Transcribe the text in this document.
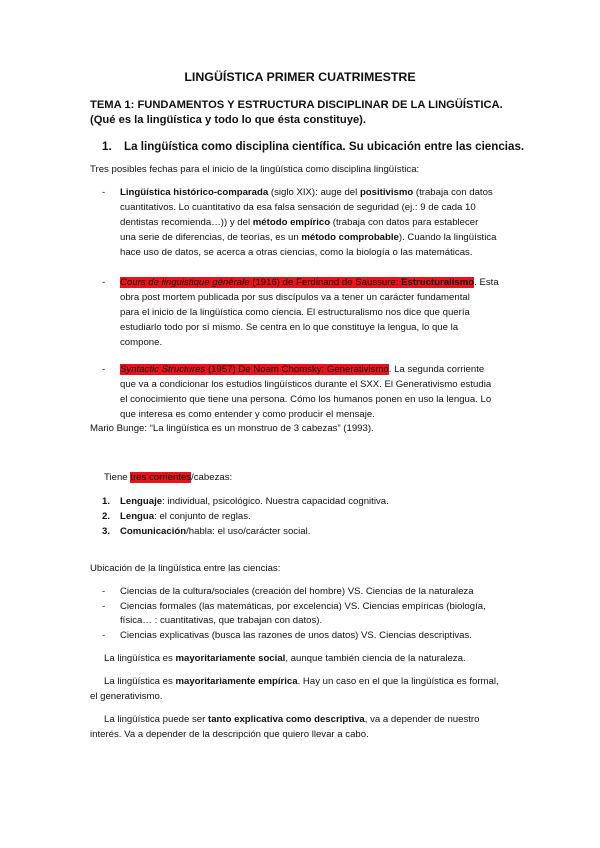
LINGÜÍSTICA PRIMER CUATRIMESTRE
TEMA 1: FUNDAMENTOS Y ESTRUCTURA DISCIPLINAR DE LA LINGÜÍSTICA. (Qué es la lingüística y todo lo que ésta constituye).
1. La lingüística como disciplina científica. Su ubicación entre las ciencias.
Tres posibles fechas para el inicio de la lingüística como disciplina lingüística:
- Lingüística histórico-comparada (siglo XIX): auge del positivismo (trabaja con datos
cuantitativos. Lo cuantitativo da esa falsa sensación de seguridad (ej.: 9 de cada 10
dentistas recomienda…)) y del método empírico (trabaja con datos para establecer
una serie de diferencias, de teorías, es un método comprobable). Cuando la lingüística
hace uso de datos, se acerca a otras ciencias, como la biología o las matemáticas.
- Cours de linguistique générale (1916) de Ferdinand de Saussure: Estructuralismo. Esta
obra post mortem publicada por sus discípulos va a tener un carácter fundamental
para el inicio de la lingüística como ciencia. El estructuralismo nos dice que quería
estudiarlo todo por sí mismo. Se centra en lo que constituye la lengua, lo que la
compone.
- Syntactic Structures (1957) De Noam Chomsky: Generativismo. La segunda corriente
que va a condicionar los estudios lingüísticos durante el SXX. El Generativismo estudia
el conocimiento que tiene una persona. Cómo los humanos ponen en uso la lengua. Lo
que interesa es como entender y como producir el mensaje.
Mario Bunge: “La lingüística es un monstruo de 3 cabezas” (1993).
Tiene tres corrientes/cabezas:
1. Lenguaje: individual, psicológico. Nuestra capacidad cognitiva.
2. Lengua: el conjunto de reglas.
3. Comunicación/habla: el uso/carácter social.
Ubicación de la lingüística entre las ciencias:
- Ciencias de la cultura/sociales (creación del hombre) VS. Ciencias de la naturaleza
- Ciencias formales (las matemáticas, por excelencia) VS. Ciencias empíricas (biología,
física… : cuantitativas, que trabajan con datos).
- Ciencias explicativas (busca las razones de unos datos) VS. Ciencias descriptivas.
La lingüística es mayoritariamente social, aunque también ciencia de la naturaleza.
La lingüística es mayoritariamente empírica. Hay un caso en el que la lingüística es formal,
el generativismo.
La lingüística puede ser tanto explicativa como descriptiva, va a depender de nuestro
interés. Va a depender de la descripción que quiero llevar a cabo.
